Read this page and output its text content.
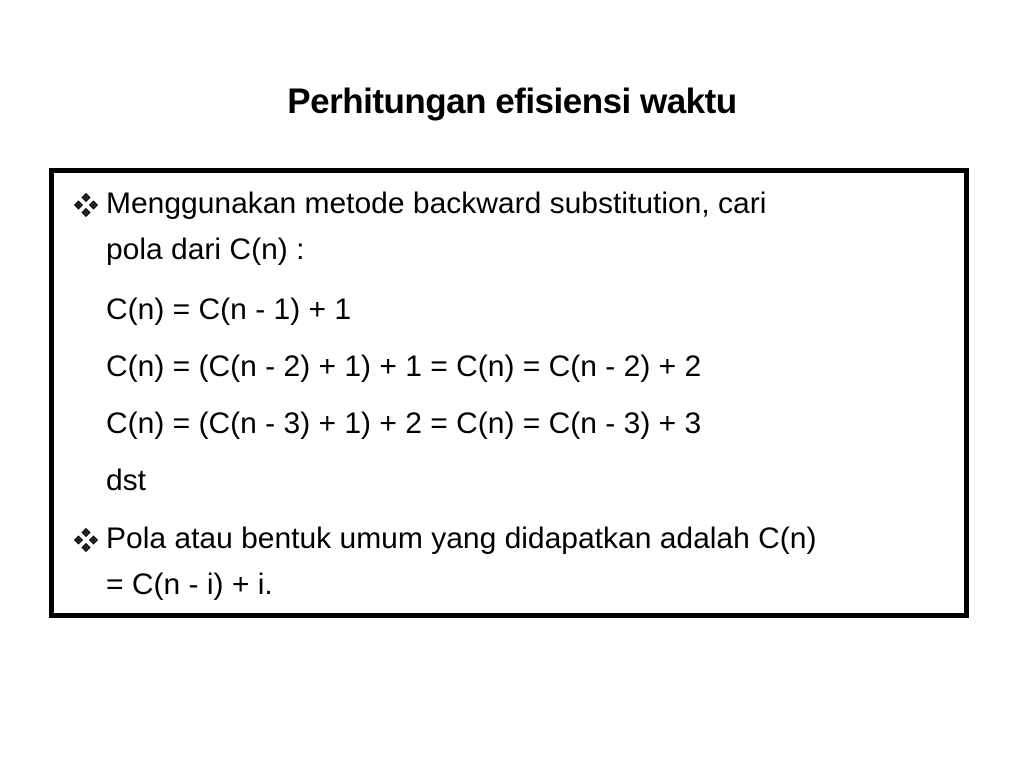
Perhitungan efisiensi waktu
Menggunakan metode backward substitution, cari
pola dari C(n) :
C(n) = C(n - 1) + 1
C(n) = (C(n - 2) + 1) + 1 = C(n) = C(n - 2) + 2
C(n) = (C(n - 3) + 1) + 2 = C(n) = C(n - 3) + 3
dst
Pola atau bentuk umum yang didapatkan adalah C(n)
= C(n - i) + i.
